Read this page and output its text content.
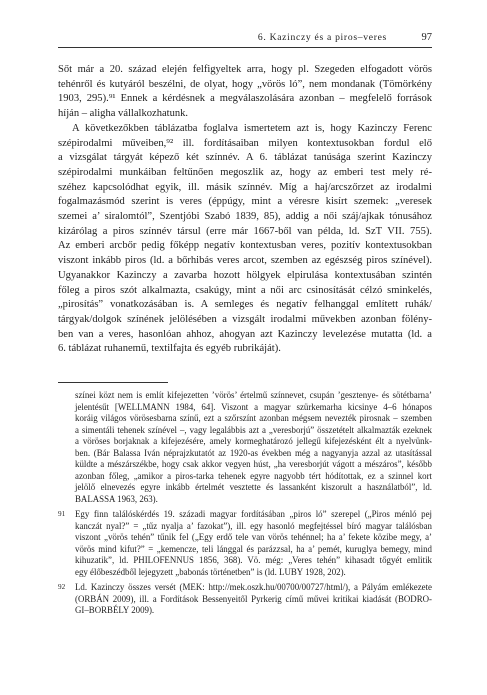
6. Kazinczy és a piros–veres	97

Sőt már a 20. század elején felfigyeltek arra, hogy pl. Szegeden elfogadott vörös

tehénről és kutyáról beszélni, de olyat, hogy „vörös ló”, nem mondanak (Tömörkény

1903, 295).⁹¹ Ennek a kérdésnek a megválaszolására azonban – megfelelő források

híján – aligha vállalkozhatunk.

A következőkben táblázatba foglalva ismertetem azt is, hogy Kazinczy Ferenc

szépirodalmi műveiben,⁹² ill. fordításaiban milyen kontextusokban fordul elő

a vizsgálat tárgyát képező két színnév. A 6. táblázat tanúsága szerint Kazinczy

szépirodalmi munkáiban feltűnően megoszlik az, hogy az emberi test mely ré-

széhez kapcsolódhat egyik, ill. másik színnév. Míg a haj/arcszőrzet az irodalmi

fogalmazásmód szerint is veres (éppúgy, mint a véresre kisírt szemek: „veresek

szemei a’ siralomtól”, Szentjóbi Szabó 1839, 85), addig a női száj/ajkak tónusához

kizárólag a piros színnév társul (erre már 1667-ből van példa, ld. SzT VII. 755).

Az emberi arcbőr pedig főképp negatív kontextusban veres, pozitív kontextusokban

viszont inkább piros (ld. a bőrhibás veres arcot, szemben az egészség piros színével).

Ugyanakkor Kazinczy a zavarba hozott hölgyek elpirulása kontextusában szintén

főleg a piros szót alkalmazta, csakúgy, mint a női arc csinosítását célzó sminkelés,

„pirosítás” vonatkozásában is. A semleges és negatív felhanggal említett ruhák/

tárgyak/dolgok színének jelölésében a vizsgált irodalmi művekben azonban fölény-

ben van a veres, hasonlóan ahhoz, ahogyan azt Kazinczy levelezése mutatta (ld. a

6. táblázat ruhanemű, textilfajta és egyéb rubrikáját).

színei közt nem is említ kifejezetten ’vörös’ értelmű színnevet, csupán ’gesztenye- és sötétbarna’

jelentésűt [WELLMANN 1984, 64]. Viszont a magyar szürkemarha kicsinye 4–6 hónapos

koráig világos vörösesbarna színű, ezt a szőrszínt azonban mégsem nevezték pirosnak – szemben

a simentáli tehenek színével –, vagy legalábbis azt a „veresborjú” összetételt alkalmazták ezeknek

a vöröses borjaknak a kifejezésére, amely kormeghatározó jellegű kifejezésként élt a nyelvünk-

ben. (Bár Balassa Iván néprajzkutatót az 1920-as években még a nagyanyja azzal az utasítással

küldte a mészárszékbe, hogy csak akkor vegyen húst, „ha veresborjút vágott a mészáros”, később

azonban főleg, „amikor a piros-tarka tehenek egyre nagyobb tért hódítottak, ez a szinnel kort

jelölő elnevezés egyre inkább értelmét vesztette és lassanként kiszorult a használatból”, ld.

BALASSA 1963, 263).

91 Egy finn találóskérdés 19. századi magyar fordításában „piros ló” szerepel („Piros ménló pej

kanczát nyal?” = „tűz nyalja a’ fazokat”), ill. egy hasonló megfejtéssel bíró magyar találósban

viszont „vörös tehén” tűnik fel („Egy erdő tele van vörös tehénnel; ha a’ fekete közibe megy, a’

vörös mind kifut?” = „kemencze, teli lánggal és parázzsal, ha a’ pemét, kuruglya bemegy, mind

kihuzatik”, ld. PHILOFENNUS 1856, 368). Vö. még: „Veres tehén” kihasadt tőgyét emlitik

egy élőbeszédből lejegyzett „babonás történetben” is (ld. LUBY 1928, 202).

92 Ld. Kazinczy összes versét (MEK: http://mek.oszk.hu/00700/00727/html/), a Pályám emlékezete

(ORBÁN 2009), ill. a Fordítások Bessenyeitől Pyrkerig című művei kritikai kiadását (BODRO-

GI–BORBÉLY 2009).
